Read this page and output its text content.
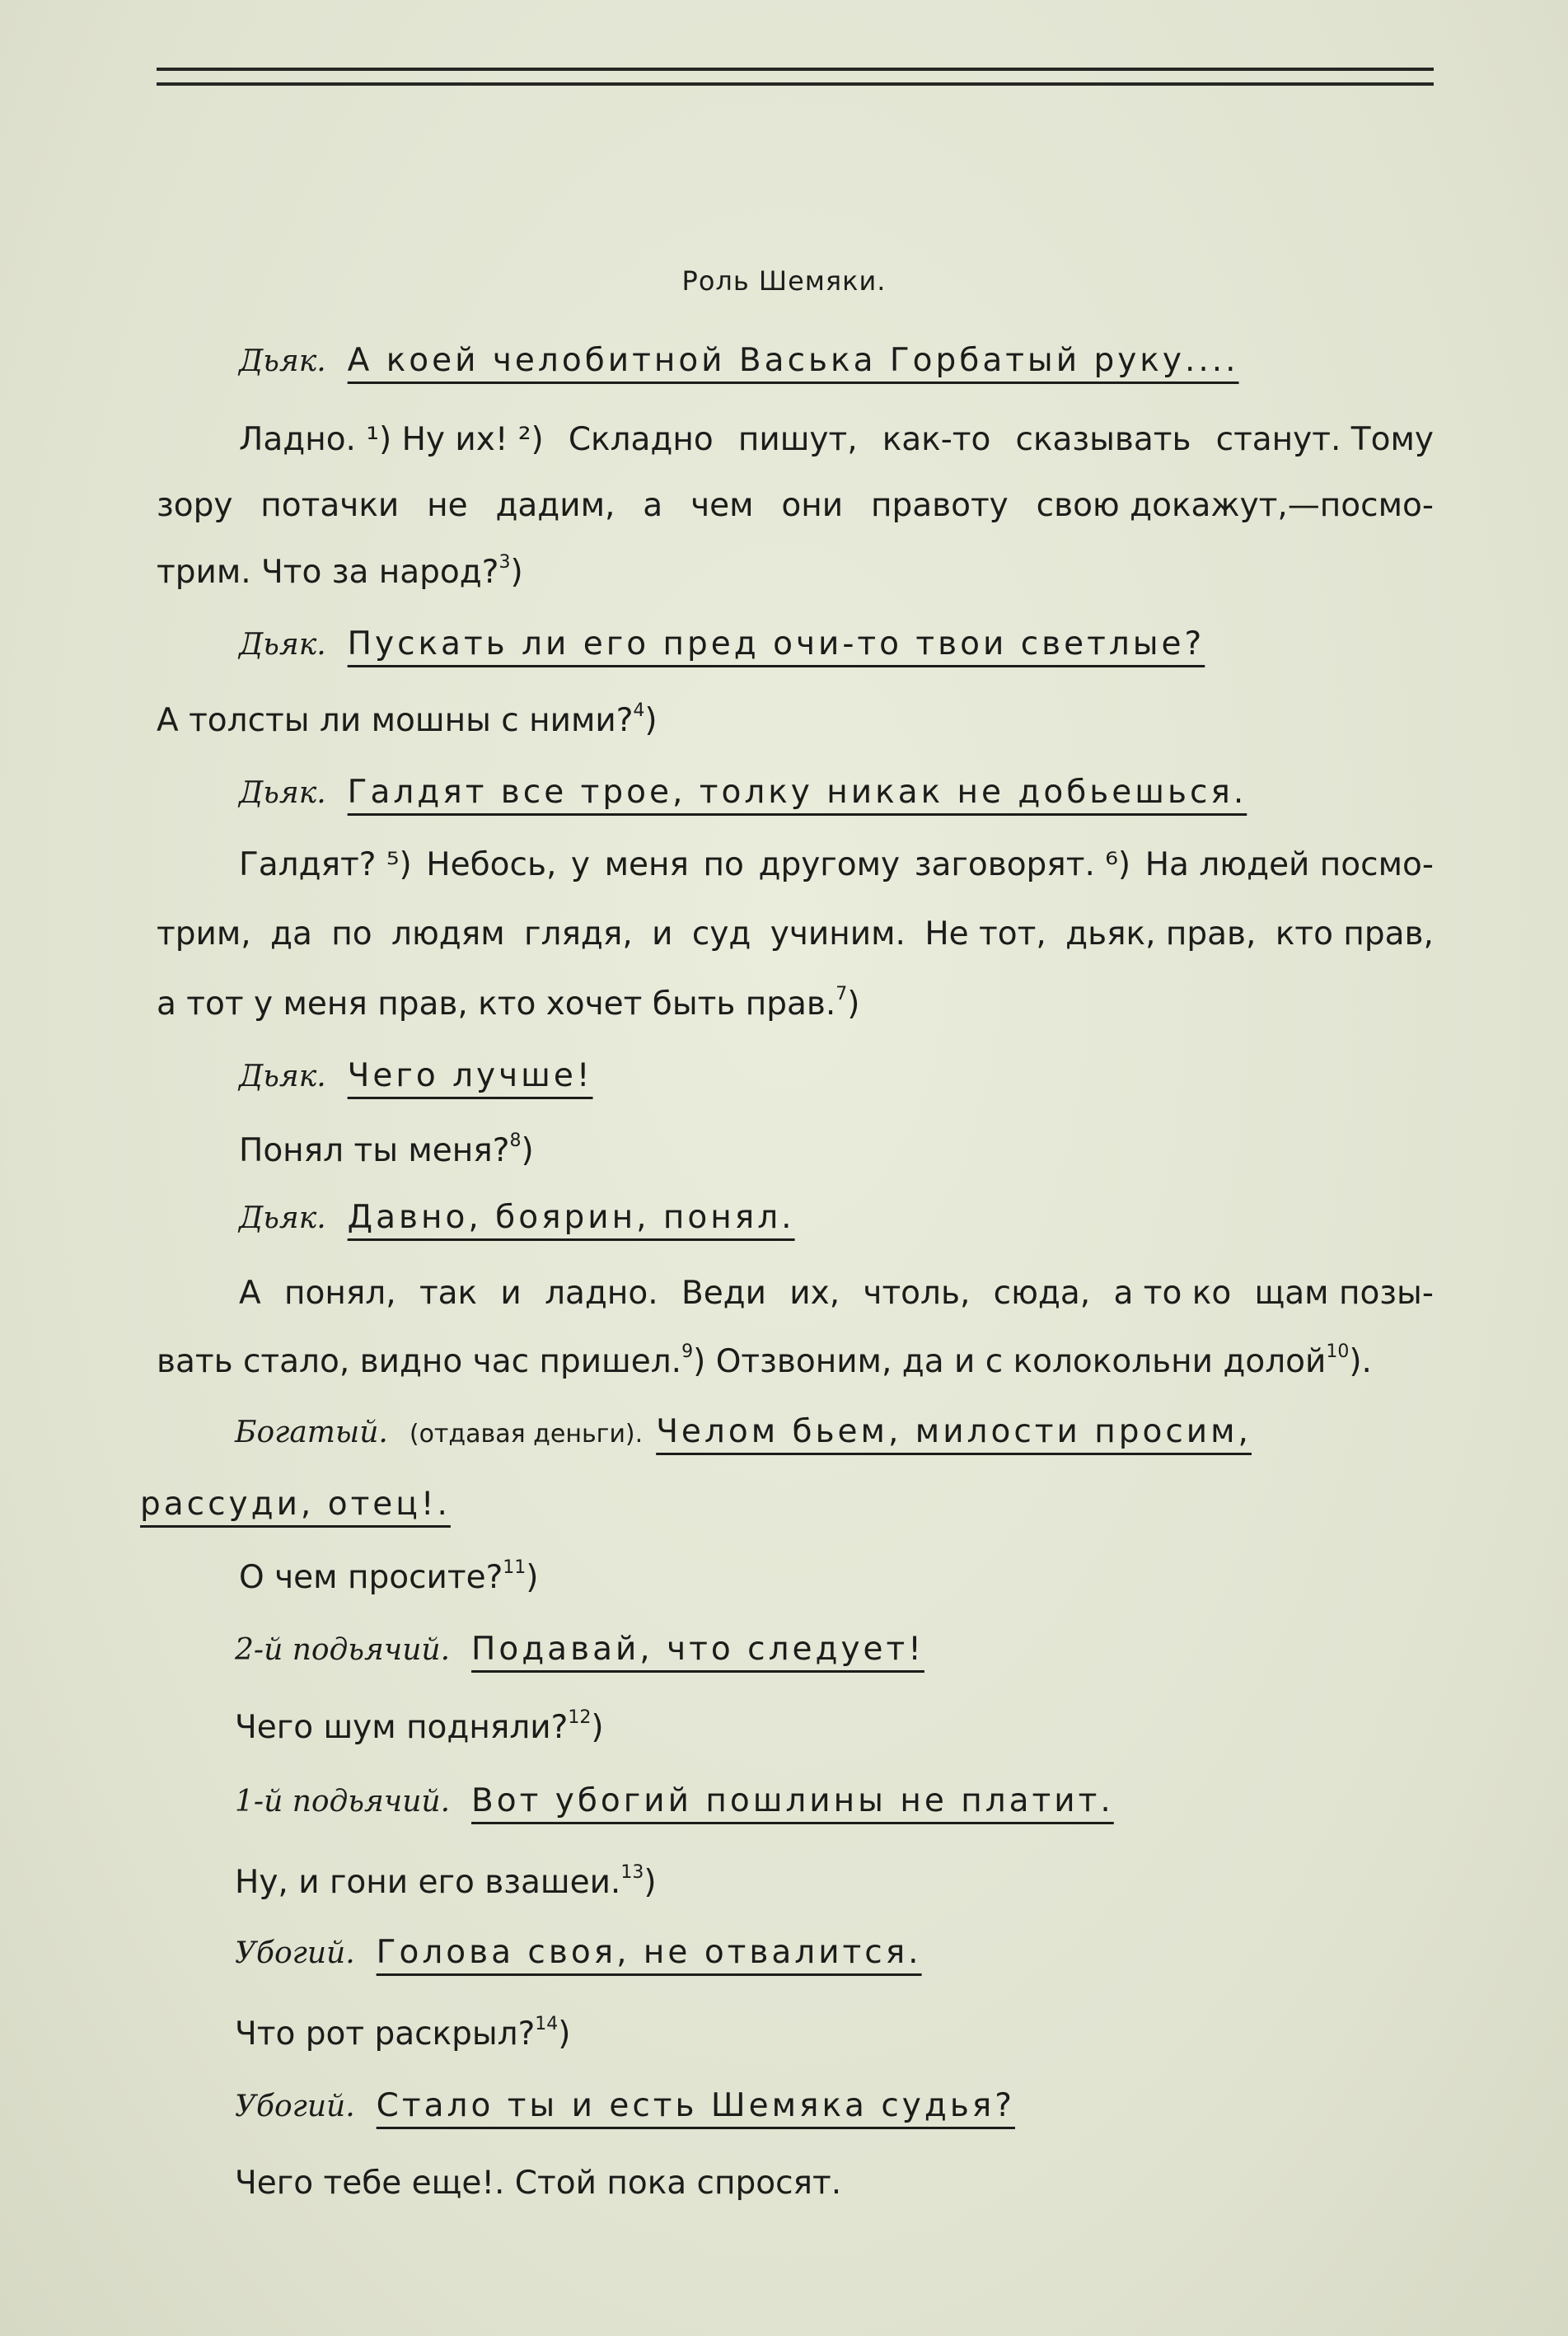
Роль Шемяки.
Дьяк. А коей челобитной Васька Горбатый руку....
Ладно. ¹) Ну их! ²) Складно пишут, как-то сказывать станут. Тому
зору потачки не дадим, а чем они правоту свою докажут,—посмо-
трим. Что за народ?$^3$)
Дьяк. Пускать ли его пред очи-то твои светлые?
А толсты ли мошны с ними?$^4$)
Дьяк. Галдят все трое, толку никак не добьешься.
Галдят? ⁵) Небось, у меня по другому заговорят. ⁶) На людей посмо-
трим, да по людям глядя, и суд учиним. Не тот, дьяк, прав, кто прав,
а тот у меня прав, кто хочет быть прав.$^7$)
Дьяк. Чего лучше!
Понял ты меня?$^8$)
Дьяк. Давно, боярин, понял.
А понял, так и ладно. Веди их, чтоль, сюда, а то ко щам позы-
вать стало, видно час пришел.$^9$) Отзвоним, да и с колокольни долой$^{10}$).
Богатый. (отдавая деньги). Челом бьем, милости просим,
рассуди, отец!.
О чем просите?$^{11}$)
2-й подьячий. Подавай, что следует!
Чего шум подняли?$^{12}$)
1-й подьячий. Вот убогий пошлины не платит.
Ну, и гони его взашеи.$^{13}$)
Убогий. Голова своя, не отвалится.
Что рот раскрыл?$^{14}$)
Убогий. Стало ты и есть Шемяка судья?
Чего тебе еще!. Стой пока спросят.
